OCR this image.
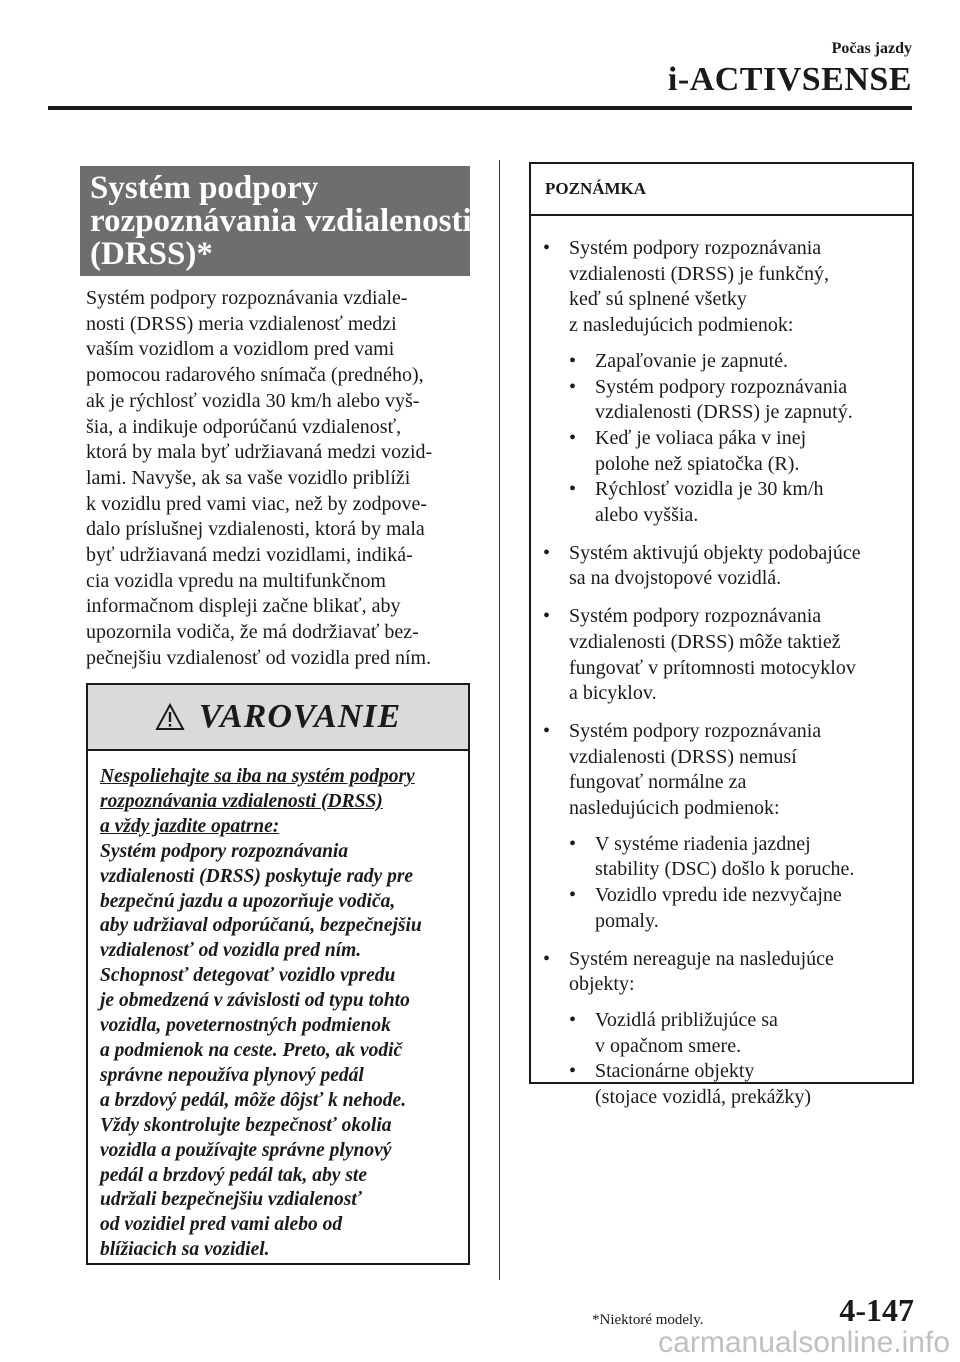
Počas jazdy
i-ACTIVSENSE
Systém podpory
rozpoznávania vzdialenosti
(DRSS)*
Systém podpory rozpoznávania vzdiale-
nosti (DRSS) meria vzdialenosť medzi
vaším vozidlom a vozidlom pred vami
pomocou radarového snímača (predného),
ak je rýchlosť vozidla 30 km/h alebo vyš-
šia, a indikuje odporúčanú vzdialenosť,
ktorá by mala byť udržiavaná medzi vozid-
lami. Navyše, ak sa vaše vozidlo priblíži
k vozidlu pred vami viac, než by zodpove-
dalo príslušnej vzdialenosti, ktorá by mala
byť udržiavaná medzi vozidlami, indiká-
cia vozidla vpredu na multifunkčnom
informačnom displeji začne blikať, aby
upozornila vodiča, že má dodržiavať bez-
pečnejšiu vzdialenosť od vozidla pred ním.
VAROVANIE
Nespoliehajte sa iba na systém podpory
rozpoznávania vzdialenosti (DRSS)
a vždy jazdite opatrne:
Systém podpory rozpoznávania
vzdialenosti (DRSS) poskytuje rady pre
bezpečnú jazdu a upozorňuje vodiča,
aby udržiaval odporúčanú, bezpečnejšiu
vzdialenosť od vozidla pred ním.
Schopnosť detegovať vozidlo vpredu
je obmedzená v závislosti od typu tohto
vozidla, poveternostných podmienok
a podmienok na ceste. Preto, ak vodič
správne nepoužíva plynový pedál
a brzdový pedál, môže dôjsť k nehode.
Vždy skontrolujte bezpečnosť okolia
vozidla a používajte správne plynový
pedál a brzdový pedál tak, aby ste
udržali bezpečnejšiu vzdialenosť
od vozidiel pred vami alebo od
blížiacich sa vozidiel.
POZNÁMKA
• Systém podpory rozpoznávania
vzdialenosti (DRSS) je funkčný,
keď sú splnené všetky
z nasledujúcich podmienok:
• Zapaľovanie je zapnuté.
• Systém podpory rozpoznávania
vzdialenosti (DRSS) je zapnutý.
• Keď je voliaca páka v inej
polohe než spiatočka (R).
• Rýchlosť vozidla je 30 km/h
alebo vyššia.
• Systém aktivujú objekty podobajúce
sa na dvojstopové vozidlá.
• Systém podpory rozpoznávania
vzdialenosti (DRSS) môže taktiež
fungovať v prítomnosti motocyklov
a bicyklov.
• Systém podpory rozpoznávania
vzdialenosti (DRSS) nemusí
fungovať normálne za
nasledujúcich podmienok:
• V systéme riadenia jazdnej
stability (DSC) došlo k poruche.
• Vozidlo vpredu ide nezvyčajne
pomaly.
• Systém nereaguje na nasledujúce
objekty:
• Vozidlá približujúce sa
v opačnom smere.
• Stacionárne objekty
(stojace vozidlá, prekážky)
*Niektoré modely.	4-147
carmanualsonline.info
